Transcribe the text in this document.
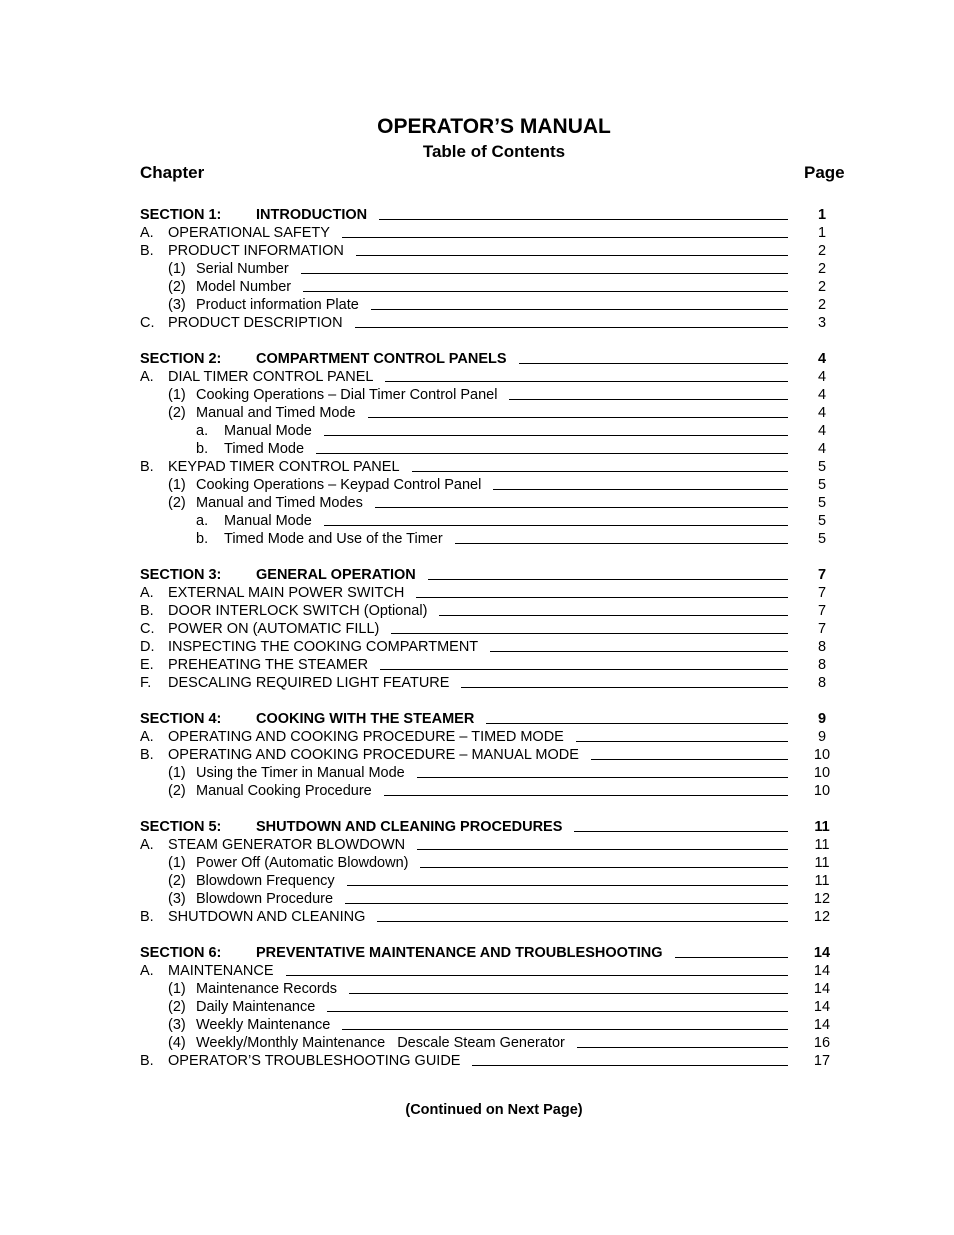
OPERATOR’S MANUAL
Table of Contents
Chapter	Page
SECTION 1:	INTRODUCTION	1
A. OPERATIONAL SAFETY	1
B. PRODUCT INFORMATION	2
(1) Serial Number	2
(2) Model Number	2
(3) Product information Plate	2
C. PRODUCT DESCRIPTION	3
SECTION 2:	COMPARTMENT CONTROL PANELS	4
A. DIAL TIMER CONTROL PANEL	4
(1) Cooking Operations – Dial Timer Control Panel	4
(2) Manual and Timed Mode	4
a.	Manual Mode	4
b.	Timed Mode	4
B. KEYPAD TIMER CONTROL PANEL	5
(1) Cooking Operations – Keypad Control Panel	5
(2) Manual and Timed Modes	5
a.	Manual Mode	5
b.	Timed Mode and Use of the Timer	5
SECTION 3:	GENERAL OPERATION	7
A. EXTERNAL MAIN POWER SWITCH	7
B. DOOR INTERLOCK SWITCH (Optional)	7
C. POWER ON (AUTOMATIC FILL)	7
D. INSPECTING THE COOKING COMPARTMENT	8
E. PREHEATING THE STEAMER	8
F.	DESCALING REQUIRED LIGHT FEATURE	8
SECTION 4:	COOKING WITH THE STEAMER	9
A. OPERATING AND COOKING PROCEDURE – TIMED MODE	9
B. OPERATING AND COOKING PROCEDURE – MANUAL MODE	10
(1) Using the Timer in Manual Mode	10
(2) Manual Cooking Procedure	10
SECTION 5:	SHUTDOWN AND CLEANING PROCEDURES	11
A. STEAM GENERATOR BLOWDOWN	11
(1) Power Off (Automatic Blowdown)	11
(2) Blowdown Frequency	11
(3) Blowdown Procedure	12
B. SHUTDOWN AND CLEANING	12
SECTION 6:	PREVENTATIVE MAINTENANCE AND TROUBLESHOOTING	14
A. MAINTENANCE	14
(1) Maintenance Records	14
(2) Daily Maintenance	14
(3) Weekly Maintenance	14
(4) Weekly/Monthly Maintenance   Descale Steam Generator	16
B. OPERATOR’S TROUBLESHOOTING GUIDE	17
(Continued on Next Page)
